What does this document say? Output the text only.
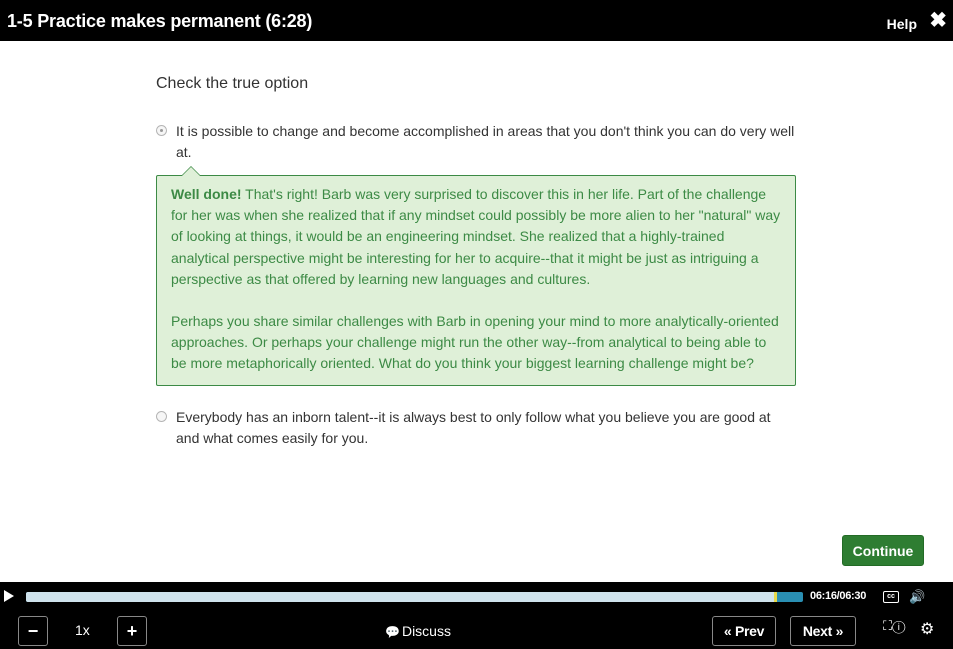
1-5 Practice makes permanent (6:28)	Help ✖
Check the true option
It is possible to change and become accomplished in areas that you don't think you can do very well at.

Well done! That's right! Barb was very surprised to discover this in her life. Part of the challenge for her was when she realized that if any mindset could possibly be more alien to her "natural" way of looking at things, it would be an engineering mindset. She realized that a highly-trained analytical perspective might be interesting for her to acquire--that it might be just as intriguing a perspective as that offered by learning new languages and cultures.

Perhaps you share similar challenges with Barb in opening your mind to more analytically-oriented approaches. Or perhaps your challenge might run the other way--from analytical to being able to be more metaphorically oriented. What do you think your biggest learning challenge might be?

Everybody has an inborn talent--it is always best to only follow what you believe you are good at and what comes easily for you.
Continue
06:16/06:30	cc	🔊
−	1x	+	💬 Discuss	« Prev	Next »	⛶ⓘ ⚙
